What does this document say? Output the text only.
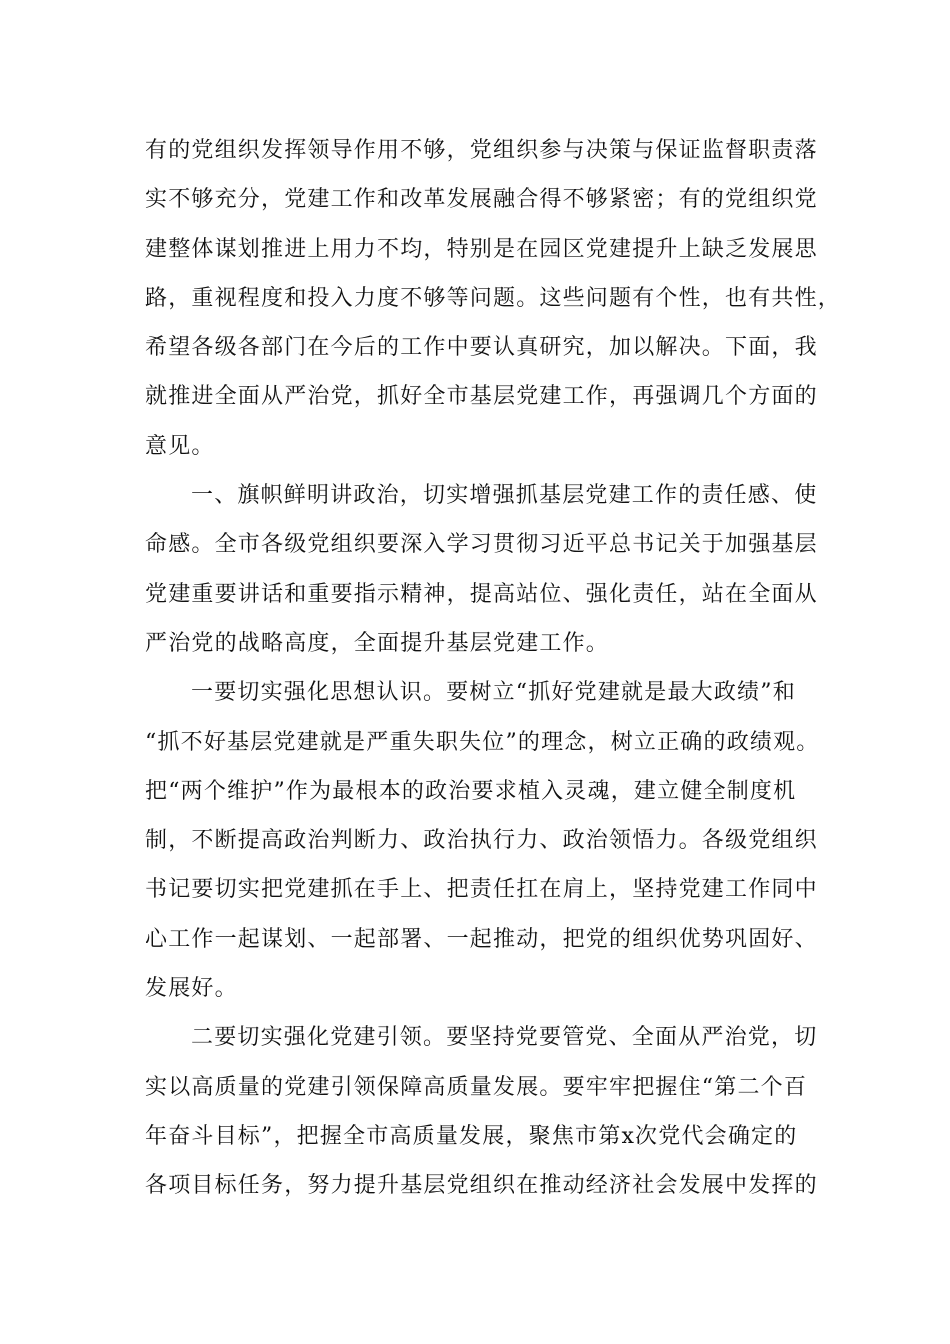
有的党组织发挥领导作用不够，党组织参与决策与保证监督职责落
实不够充分，党建工作和改革发展融合得不够紧密；有的党组织党
建整体谋划推进上用力不均，特别是在园区党建提升上缺乏发展思
路，重视程度和投入力度不够等问题。这些问题有个性，也有共性，
希望各级各部门在今后的工作中要认真研究，加以解决。下面，我
就推进全面从严治党，抓好全市基层党建工作，再强调几个方面的
意见。
一、旗帜鲜明讲政治，切实增强抓基层党建工作的责任感、使
命感。全市各级党组织要深入学习贯彻习近平总书记关于加强基层
党建重要讲话和重要指示精神，提高站位、强化责任，站在全面从
严治党的战略高度，全面提升基层党建工作。
一要切实强化思想认识。要树立“抓好党建就是最大政绩”和
“抓不好基层党建就是严重失职失位”的理念，树立正确的政绩观。
把“两个维护”作为最根本的政治要求植入灵魂，建立健全制度机
制，不断提高政治判断力、政治执行力、政治领悟力。各级党组织
书记要切实把党建抓在手上、把责任扛在肩上，坚持党建工作同中
心工作一起谋划、一起部署、一起推动，把党的组织优势巩固好、
发展好。
二要切实强化党建引领。要坚持党要管党、全面从严治党，切
实以高质量的党建引领保障高质量发展。要牢牢把握住“第二个百
年奋斗目标”，把握全市高质量发展，聚焦市第x次党代会确定的
各项目标任务，努力提升基层党组织在推动经济社会发展中发挥的
